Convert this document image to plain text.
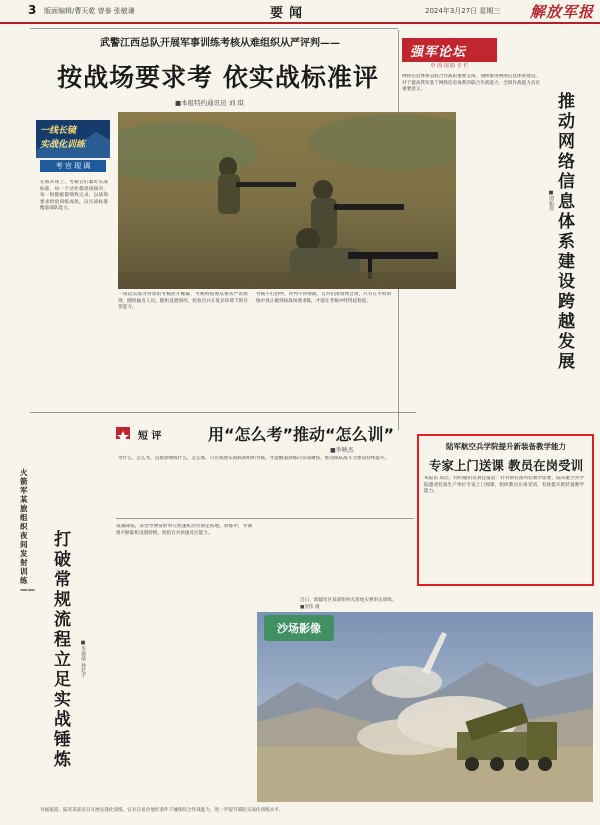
3 版面编辑/曹天乾 曾泰 张敏谦	要闻	2024年3月27日 星期三 解放军报
武警江西总队开展军事训练考核从难组织从严评判——
按战场要求考 依实战标准评
■本报特约通讯员 刘 琪
一线长镜
实战化训练
考 官 现 调
在练兵场上，考核官们紧盯实战标准，每一个动作都逐项核对，每一组数据都细致记录，以战场要求检验训练成效，以实战标准衡量部队能力。
一场以实战为背景的考核拉开帷幕，考核组按照从难从严的原则，随机抽点人员、随机设置情况，检验官兵在复杂环境下的应变能力。
考核不打招呼，评判不讲情面，官兵们深刻体会到，只有在平时训练中真正做到按战场要求练，才能在考核中经得起检验。
强军论坛
中 国 国 防 专 栏
网络信息体系是联合作战的重要支撑，加快推进网络信息体系建设，对于提高我军基于网络信息体系的联合作战能力、全域作战能力具有重要意义。
推动网络信息体系建设跨越发展
■谭振伟
短 评	用“怎么考”推动“怎么训”
■李映杰
考什么、怎么考，直接影响练什么、怎么练。只有按照实战标准组织考核，才能倒逼训练向实战聚焦，推动部队战斗力建设持续提升。
陆军航空兵学院提升新装备教学能力
专家上门送课 教员在岗受训
本报讯 郑浩、特约通讯员刘佳报道：针对新装备列装教学需要，陆军航空兵学院邀请装备生产单位专家上门授课，组织教员在岗受训，有效提升新装备教学能力。
火箭军某旅组织夜间发射训练——
打破常规流程 立足实战锤炼
■李倩倩 孙廷宇
夜幕降临，某型导弹发射单元快速机动至预定阵地。训练中，导调组不断临机设置特情，检验官兵快速反应能力。
近日，新疆军区某部组织火箭炮实弹射击训练。
沙场影像
■贺伟 摄
另据报道，陆军某部近日开展实战化训练，官兵在复杂地形条件下锤炼综合作战能力，进一步提升部队实战化训练水平。
